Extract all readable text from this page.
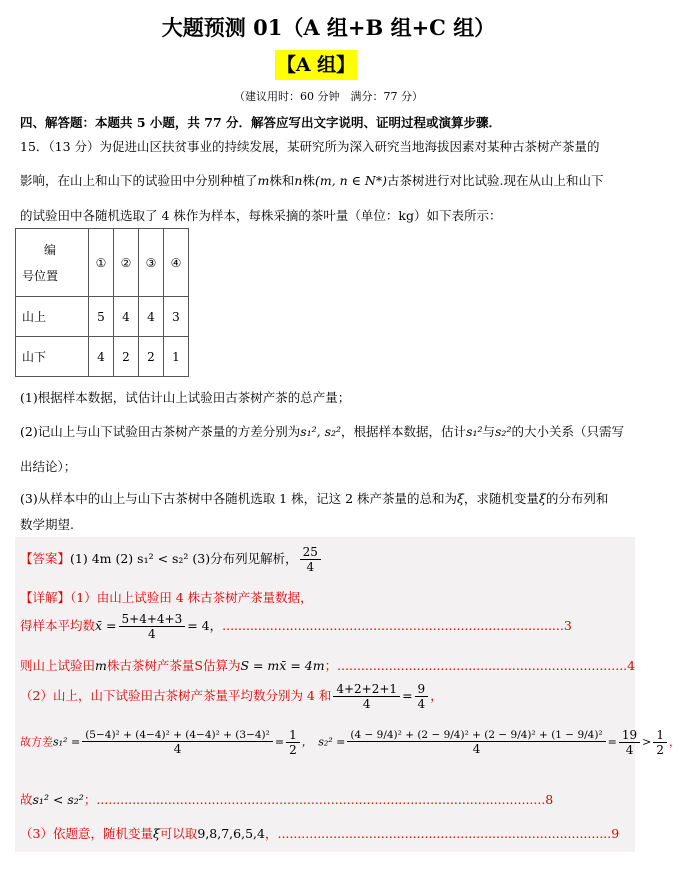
大题预测 01（A 组+B 组+C 组）
【A 组】
（建议用时：60 分钟　满分：77 分）
四、解答题：本题共 5 小题，共 77 分．解答应写出文字说明、证明过程或演算步骤．
15．（13 分）为促进山区扶贫事业的持续发展，某研究所为深入研究当地海拔因素对某种古茶树产茶量的
影响，在山上和山下的试验田中分别种植了m株和n株(m, n ∈ N*)古茶树进行对比试验.现在从山上和山下
的试验田中各随机选取了 4 株作为样本，每株采摘的茶叶量（单位：kg）如下表所示：
编
号位置	①	②	③	④
山上	5	4	4	3
山下	4	2	2	1
(1)根据样本数据，试估计山上试验田古茶树产茶的总产量；
(2)记山上与山下试验田古茶树产茶量的方差分别为s₁², s₂²，根据样本数据，估计s₁²与s₂²的大小关系（只需写
出结论）；
(3)从样本中的山上与山下古茶树中各随机选取 1 株，记这 2 株产茶量的总和为ξ，求随机变量ξ的分布列和
数学期望.
【答案】(1) 4m (2) s₁² < s₂² (3)分布列见解析， $\frac{25}{4}$
【详解】（1）由山上试验田 4 株古茶树产茶量数据，
得样本平均数x̄ = $\frac{5+4+4+3}{4} = 4$，......................................................................................3
则山上试验田m株古茶树产茶量S估算为S = mx̄ = 4m；.........................................................................4
（2）山上，山下试验田古茶树产茶量平均数分别为 4 和 $\frac{4+2+2+1}{4} = \frac{9}{4}$ ，
故方差$s_1^2 = \frac{\text{(5−4)² + (4−4)² + (4−4)² + (3−4)²}}{4} = \frac{1}{2}$ ，　$s_2^2 = \frac{\text{(4 − 9/4)² + (2 − 9/4)² + (2 − 9/4)² + (1 − 9/4)²}}{4} = \frac{19}{4} > \frac{1}{2}$ ，
故s₁² < s₂²；.................................................................................................................8
（3）依题意，随机变量ξ可以取9,8,7,6,5,4，....................................................................................9
